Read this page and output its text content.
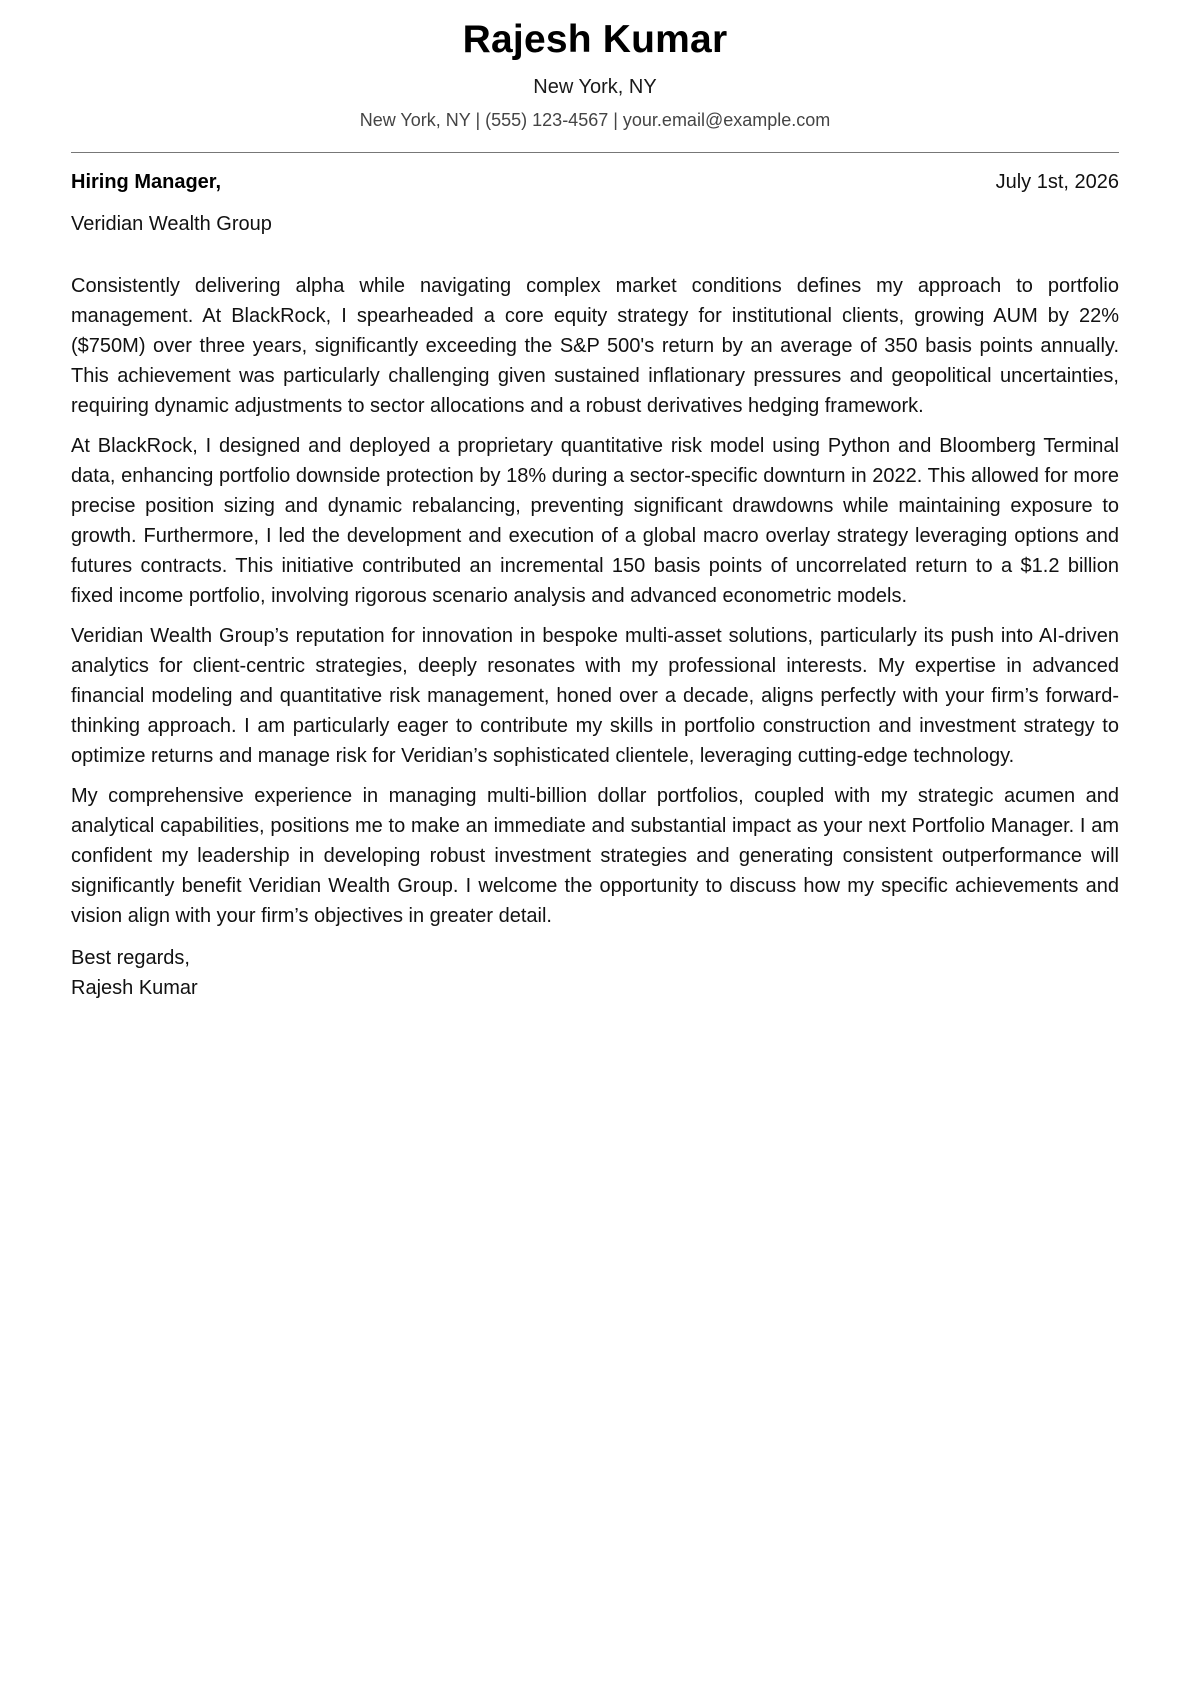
Rajesh Kumar
New York, NY
New York, NY | (555) 123-4567 | your.email@example.com
Hiring Manager,	July 1st, 2026
Veridian Wealth Group

Consistently delivering alpha while navigating complex market conditions defines my approach to portfolio management. At BlackRock, I spearheaded a core equity strategy for institutional clients, growing AUM by 22% ($750M) over three years, significantly exceeding the S&P 500's return by an average of 350 basis points annually. This achievement was particularly challenging given sustained inflationary pressures and geopolitical uncertainties, requiring dynamic adjustments to sector allocations and a robust derivatives hedging framework.

At BlackRock, I designed and deployed a proprietary quantitative risk model using Python and Bloomberg Terminal data, enhancing portfolio downside protection by 18% during a sector-specific downturn in 2022. This allowed for more precise position sizing and dynamic rebalancing, preventing significant drawdowns while maintaining exposure to growth. Furthermore, I led the development and execution of a global macro overlay strategy leveraging options and futures contracts. This initiative contributed an incremental 150 basis points of uncorrelated return to a $1.2 billion fixed income portfolio, involving rigorous scenario analysis and advanced econometric models.

Veridian Wealth Group’s reputation for innovation in bespoke multi-asset solutions, particularly its push into AI-driven analytics for client-centric strategies, deeply resonates with my professional interests. My expertise in advanced financial modeling and quantitative risk management, honed over a decade, aligns perfectly with your firm’s forward-thinking approach. I am particularly eager to contribute my skills in portfolio construction and investment strategy to optimize returns and manage risk for Veridian’s sophisticated clientele, leveraging cutting-edge technology.

My comprehensive experience in managing multi-billion dollar portfolios, coupled with my strategic acumen and analytical capabilities, positions me to make an immediate and substantial impact as your next Portfolio Manager. I am confident my leadership in developing robust investment strategies and generating consistent outperformance will significantly benefit Veridian Wealth Group. I welcome the opportunity to discuss how my specific achievements and vision align with your firm’s objectives in greater detail.

Best regards,
Rajesh Kumar
